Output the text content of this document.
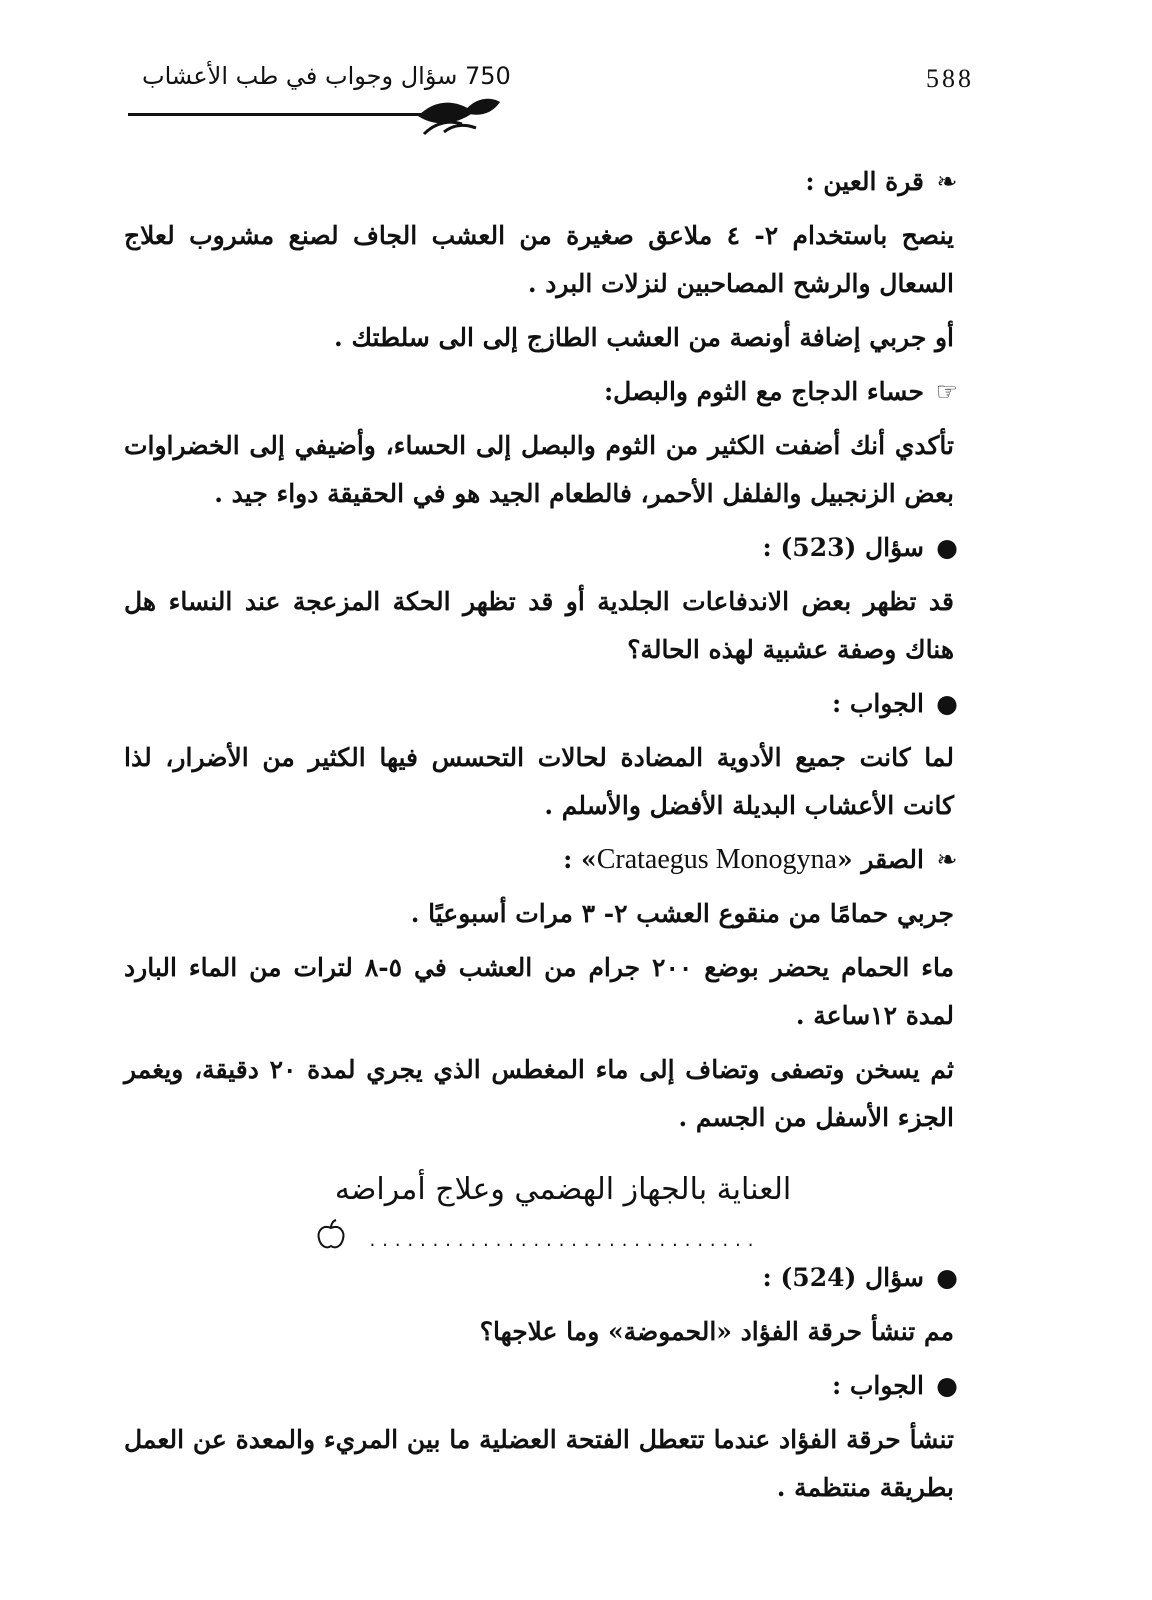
588
750 سؤال وجواب في طب الأعشاب
❧قرة العين :

ينصح باستخدام ٢- ٤ ملاعق صغيرة من العشب الجاف لصنع مشروب لعلاج السعال والرشح المصاحبين لنزلات البرد .

أو جربي إضافة أونصة من العشب الطازج إلى الى سلطتك .

☞حساء الدجاج مع الثوم والبصل:

تأكدي أنك أضفت الكثير من الثوم والبصل إلى الحساء، وأضيفي إلى الخضراوات بعض الزنجبيل والفلفل الأحمر، فالطعام الجيد هو في الحقيقة دواء جيد .

●سؤال (523) :

قد تظهر بعض الاندفاعات الجلدية أو قد تظهر الحكة المزعجة عند النساء هل هناك وصفة عشبية لهذه الحالة؟

●الجواب :

لما كانت جميع الأدوية المضادة لحالات التحسس فيها الكثير من الأضرار، لذا كانت الأعشاب البديلة الأفضل والأسلم .

❧الصقر «Crataegus Monogyna» :

جربي حمامًا من منقوع العشب ٢- ٣ مرات أسبوعيًا .

ماء الحمام يحضر بوضع ٢٠٠ جرام من العشب في ٥-٨ لترات من الماء البارد لمدة ١٢ساعة .

ثم يسخن وتصفى وتضاف إلى ماء المغطس الذي يجري لمدة ٢٠ دقيقة، ويغمر الجزء الأسفل من الجسم .

العناية بالجهاز الهضمي وعلاج أمراضه
...............................
●سؤال (524) :

مم تنشأ حرقة الفؤاد «الحموضة» وما علاجها؟

●الجواب :

تنشأ حرقة الفؤاد عندما تتعطل الفتحة العضلية ما بين المريء والمعدة عن العمل بطريقة منتظمة .
